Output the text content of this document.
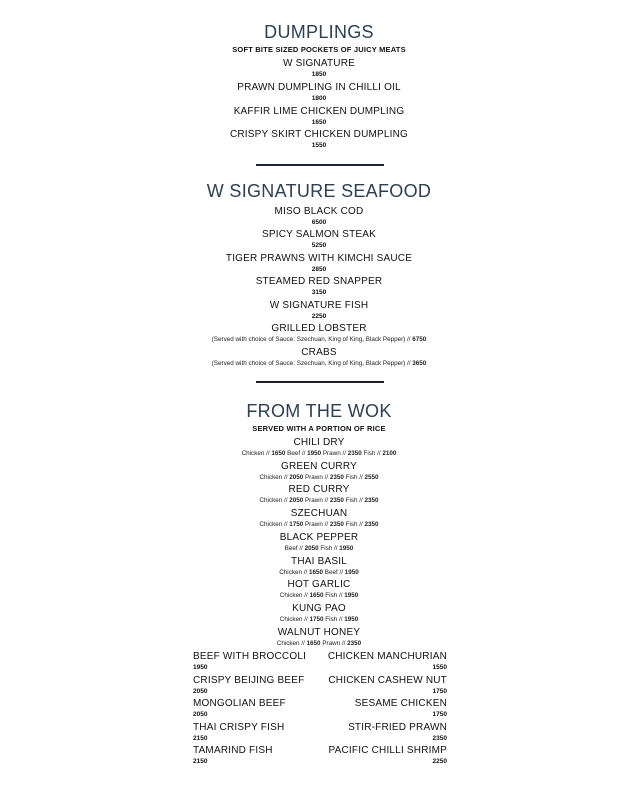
DUMPLINGS
SOFT BITE SIZED POCKETS OF JUICY MEATS
W SIGNATURE
1850
PRAWN DUMPLING IN CHILLI OIL
1800
KAFFIR LIME CHICKEN DUMPLING
1650
CRISPY SKIRT CHICKEN DUMPLING
1550
W SIGNATURE SEAFOOD
MISO BLACK COD
6500
SPICY SALMON STEAK
5250
TIGER PRAWNS WITH KIMCHI SAUCE
2850
STEAMED RED SNAPPER
3150
W SIGNATURE FISH
2250
GRILLED LOBSTER
(Served with choice of Sauce: Szechuan, King of King, Black Pepper) // 6750
CRABS
(Served with choice of Sauce: Szechuan, King of King, Black Pepper) // 3650
FROM THE WOK
SERVED WITH A PORTION OF RICE
CHILI DRY
Chicken // 1650 Beef // 1950 Prawn // 2350 Fish // 2100
GREEN CURRY
Chicken // 2050 Prawn // 2350 Fish // 2550
RED CURRY
Chicken // 2050 Prawn // 2350 Fish // 2350
SZECHUAN
Chicken // 1750 Prawn // 2350 Fish // 2350
BLACK PEPPER
Beef // 2050 Fish // 1950
THAI BASIL
Chicken // 1650 Beef // 1950
HOT GARLIC
Chicken // 1650 Fish // 1950
KUNG PAO
Chicken // 1750 Fish // 1950
WALNUT HONEY
Chicken // 1650 Prawn // 2350
BEEF WITH BROCCOLI
1950
CRISPY BEIJING BEEF
2050
MONGOLIAN BEEF
2050
THAI CRISPY FISH
2150
TAMARIND FISH
2150
CHICKEN MANCHURIAN
1550
CHICKEN CASHEW NUT
1750
SESAME CHICKEN
1750
STIR-FRIED PRAWN
2350
PACIFIC CHILLI SHRIMP
2250
